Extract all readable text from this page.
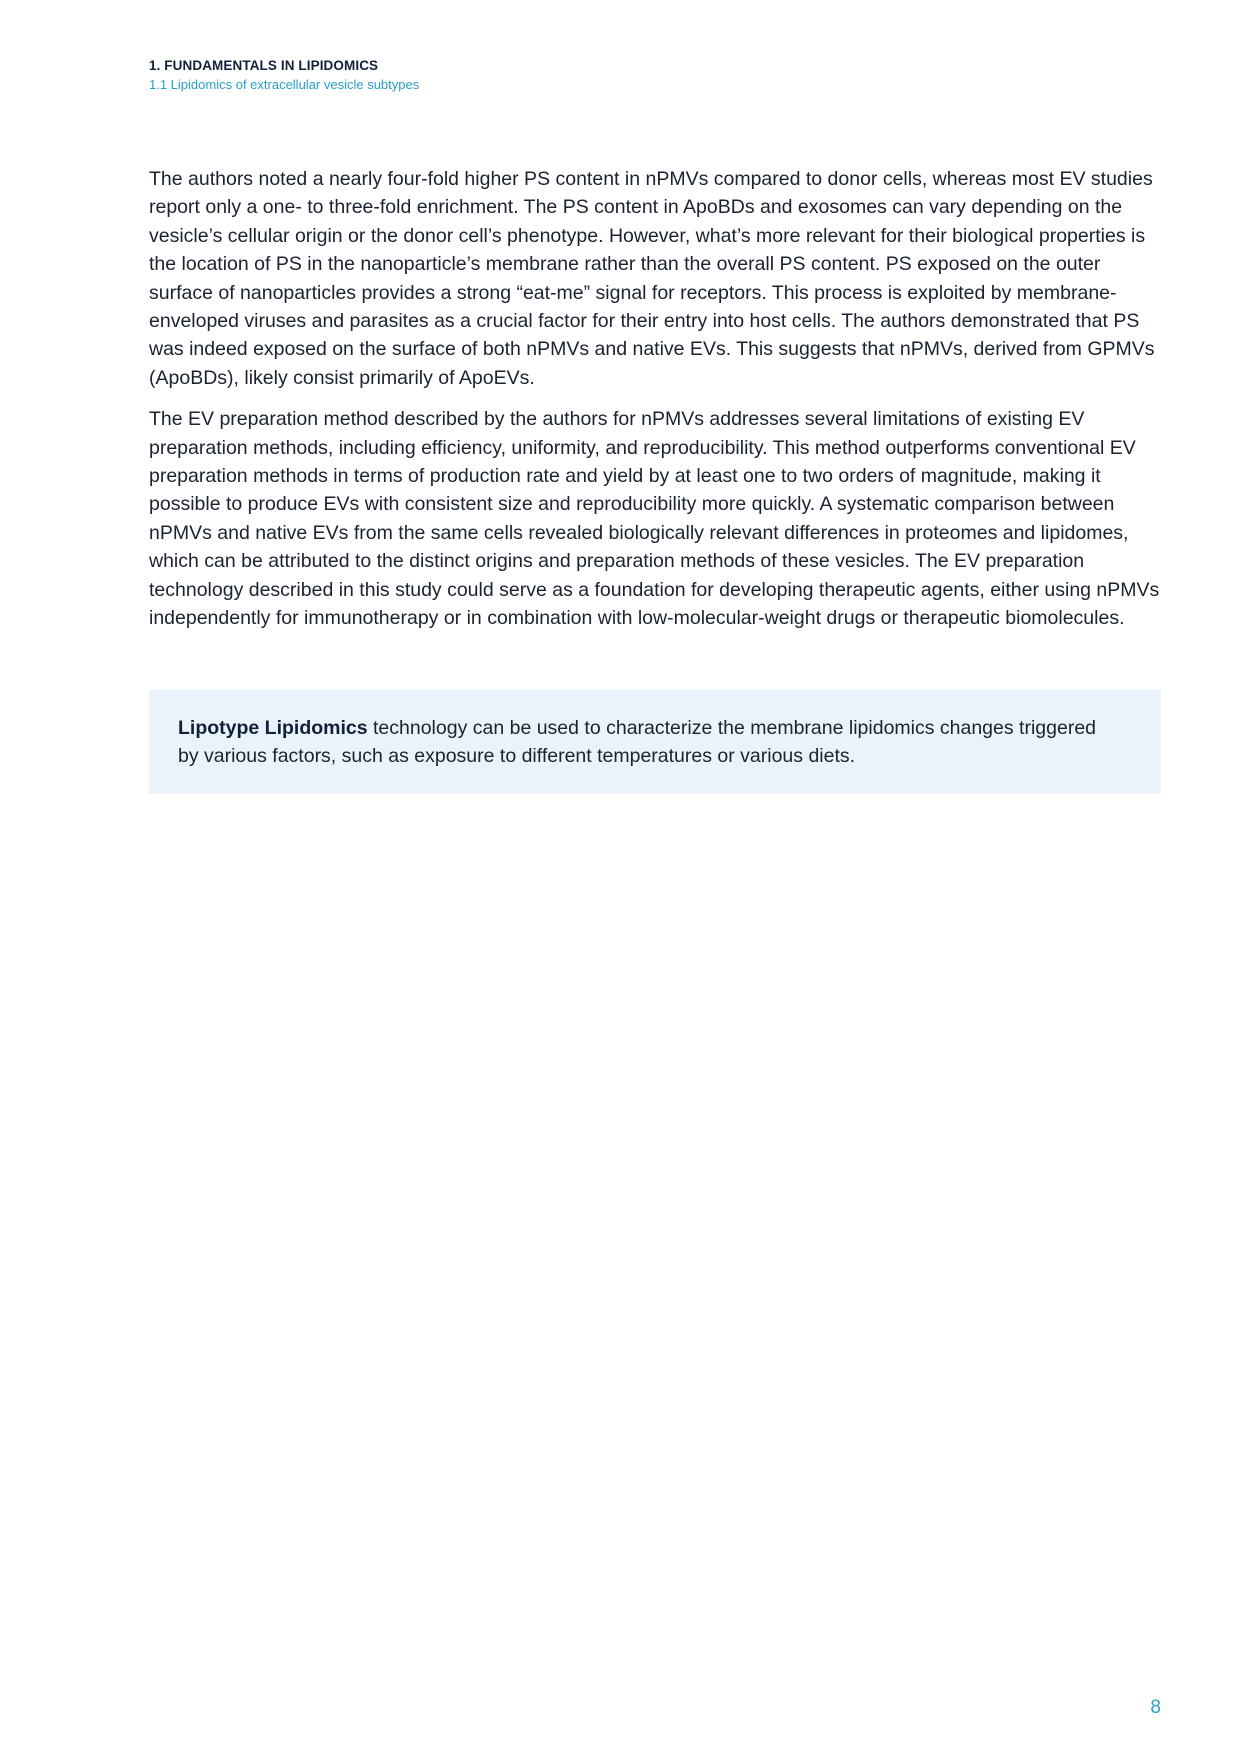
1. FUNDAMENTALS IN LIPIDOMICS
1.1 Lipidomics of extracellular vesicle subtypes

The authors noted a nearly four-fold higher PS content in nPMVs compared to donor cells, whereas most EV studies report only a one- to three-fold enrichment. The PS content in ApoBDs and exosomes can vary depending on the vesicle’s cellular origin or the donor cell’s phenotype. However, what’s more relevant for their biological properties is the location of PS in the nanoparticle’s membrane rather than the overall PS content. PS exposed on the outer surface of nanoparticles provides a strong “eat-me” signal for receptors. This process is exploited by membrane-enveloped viruses and parasites as a crucial factor for their entry into host cells. The authors demonstrated that PS was indeed exposed on the surface of both nPMVs and native EVs. This suggests that nPMVs, derived from GPMVs (ApoBDs), likely consist primarily of ApoEVs.

The EV preparation method described by the authors for nPMVs addresses several limitations of existing EV preparation methods, including efficiency, uniformity, and reproducibility. This method outperforms conventional EV preparation methods in terms of production rate and yield by at least one to two orders of magnitude, making it possible to produce EVs with consistent size and reproducibility more quickly. A systematic comparison between nPMVs and native EVs from the same cells revealed biologically relevant differences in proteomes and lipidomes, which can be attributed to the distinct origins and preparation methods of these vesicles. The EV preparation technology described in this study could serve as a foundation for developing therapeutic agents, either using nPMVs independently for immunotherapy or in combination with low-molecular-weight drugs or therapeutic biomolecules.

Lipotype Lipidomics technology can be used to characterize the membrane lipidomics changes triggered by various factors, such as exposure to different temperatures or various diets.

8
